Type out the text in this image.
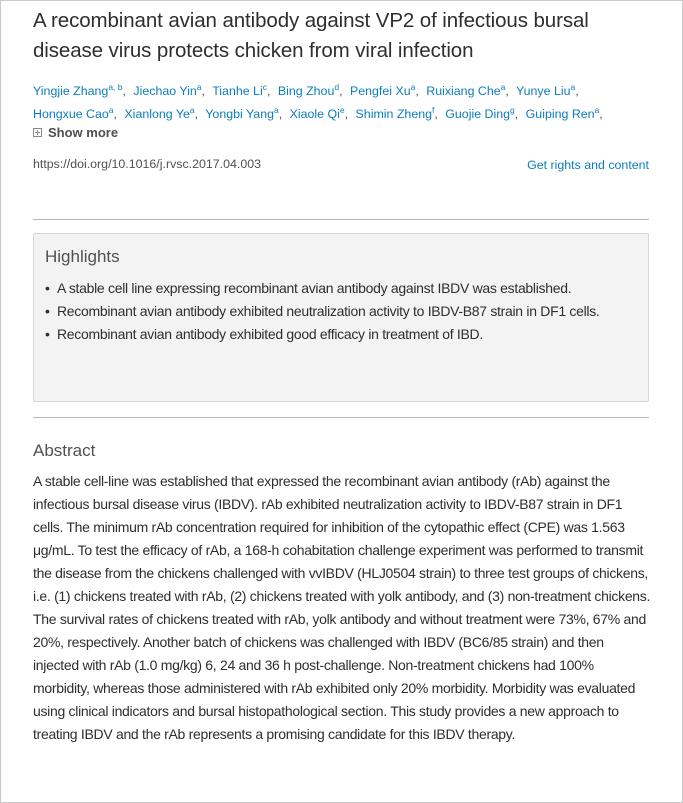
A recombinant avian antibody against VP2 of infectious bursal disease virus protects chicken from viral infection
Yingjie Zhang$^{a, b}$, Jiechao Yin$^a$, Tianhe Li$^c$, Bing Zhou$^d$, Pengfei Xu$^a$, Ruixiang Che$^a$, Yunye Liu$^a$,
Hongxue Cao$^a$, Xianlong Ye$^a$, Yongbi Yang$^a$, Xiaole Qi$^e$, Shimin Zheng$^f$, Guojie Ding$^g$, Guiping Ren$^a$,
Show more
https://doi.org/10.1016/j.rvsc.2017.04.003	Get rights and content
Highlights
• A stable cell line expressing recombinant avian antibody against IBDV was established.
• Recombinant avian antibody exhibited neutralization activity to IBDV-B87 strain in DF1 cells.
• Recombinant avian antibody exhibited good efficacy in treatment of IBD.
Abstract

A stable cell-line was established that expressed the recombinant avian antibody (rAb) against the infectious bursal disease virus (IBDV). rAb exhibited neutralization activity to IBDV-B87 strain in DF1 cells. The minimum rAb concentration required for inhibition of the cytopathic effect (CPE) was 1.563 μg/mL. To test the efficacy of rAb, a 168-h cohabitation challenge experiment was performed to transmit the disease from the chickens challenged with vvIBDV (HLJ0504 strain) to three test groups of chickens, i.e. (1) chickens treated with rAb, (2) chickens treated with yolk antibody, and (3) non-treatment chickens. The survival rates of chickens treated with rAb, yolk antibody and without treatment were 73%, 67% and 20%, respectively. Another batch of chickens was challenged with IBDV (BC6/85 strain) and then injected with rAb (1.0 mg/kg) 6, 24 and 36 h post-challenge. Non-treatment chickens had 100% morbidity, whereas those administered with rAb exhibited only 20% morbidity. Morbidity was evaluated using clinical indicators and bursal histopathological section. This study provides a new approach to treating IBDV and the rAb represents a promising candidate for this IBDV therapy.
